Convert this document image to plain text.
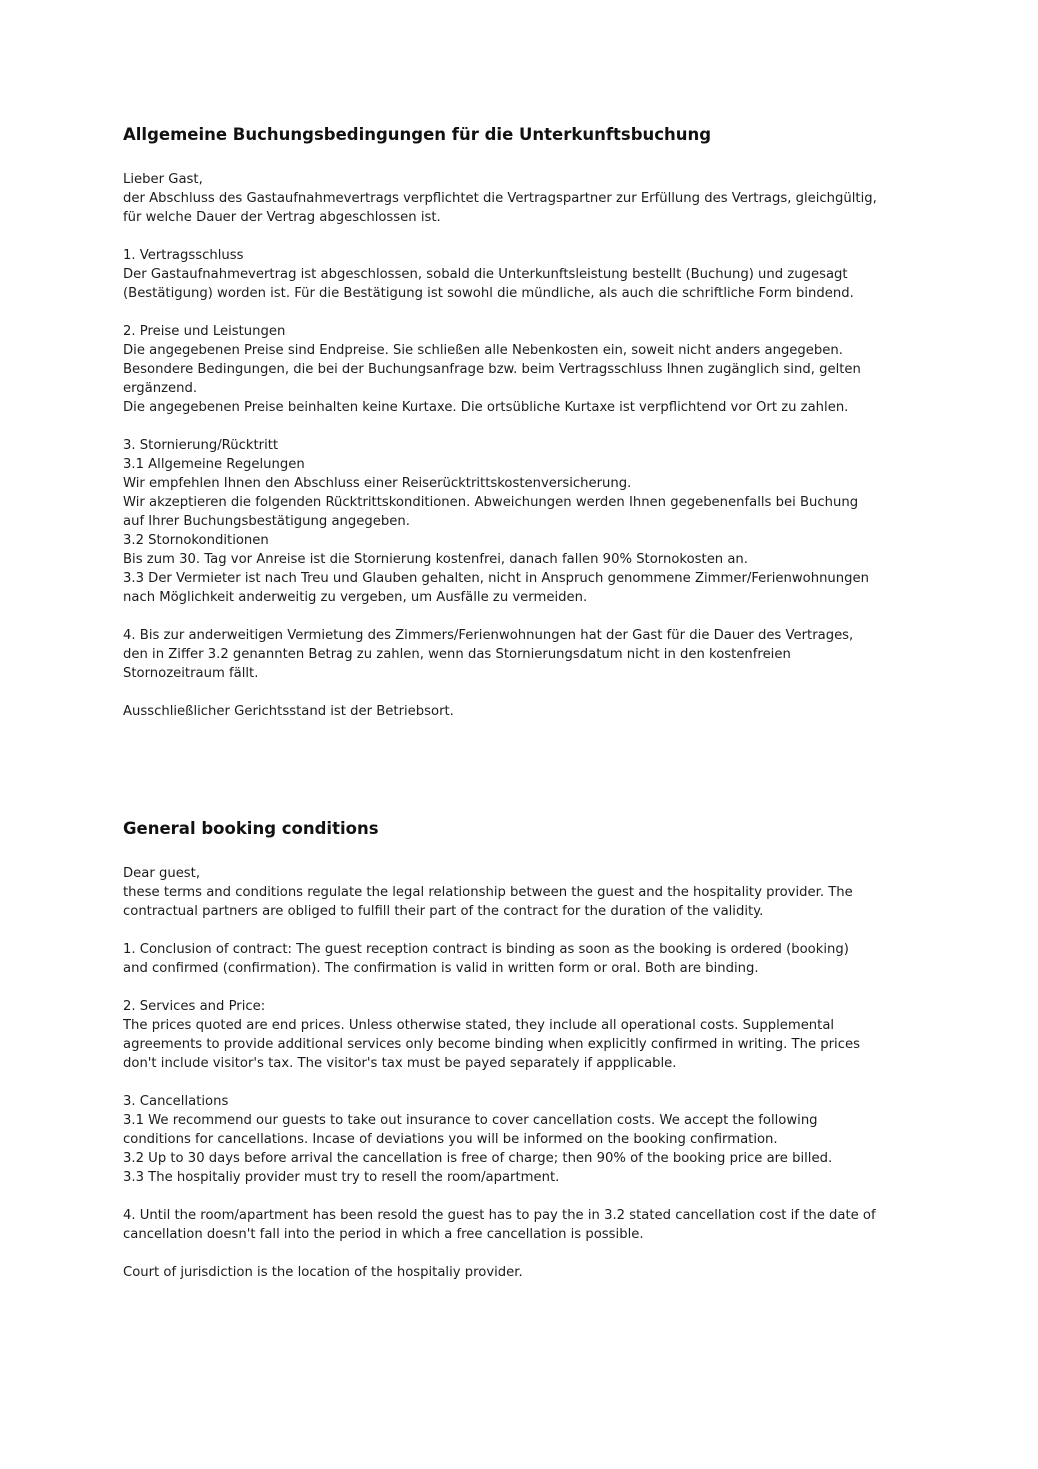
Allgemeine Buchungsbedingungen für die Unterkunftsbuchung

Lieber Gast,

der Abschluss des Gastaufnahmevertrags verpflichtet die Vertragspartner zur Erfüllung des Vertrags, gleichgültig,

für welche Dauer der Vertrag abgeschlossen ist.

1. Vertragsschluss

Der Gastaufnahmevertrag ist abgeschlossen, sobald die Unterkunftsleistung bestellt (Buchung) und zugesagt

(Bestätigung) worden ist. Für die Bestätigung ist sowohl die mündliche, als auch die schriftliche Form bindend.

2. Preise und Leistungen

Die angegebenen Preise sind Endpreise. Sie schließen alle Nebenkosten ein, soweit nicht anders angegeben.

Besondere Bedingungen, die bei der Buchungsanfrage bzw. beim Vertragsschluss Ihnen zugänglich sind, gelten

ergänzend.

Die angegebenen Preise beinhalten keine Kurtaxe. Die ortsübliche Kurtaxe ist verpflichtend vor Ort zu zahlen.

3. Stornierung/Rücktritt

3.1 Allgemeine Regelungen

Wir empfehlen Ihnen den Abschluss einer Reiserücktrittskostenversicherung.

Wir akzeptieren die folgenden Rücktrittskonditionen. Abweichungen werden Ihnen gegebenenfalls bei Buchung

auf Ihrer Buchungsbestätigung angegeben.

3.2 Stornokonditionen

Bis zum 30. Tag vor Anreise ist die Stornierung kostenfrei, danach fallen 90% Stornokosten an.

3.3 Der Vermieter ist nach Treu und Glauben gehalten, nicht in Anspruch genommene Zimmer/Ferienwohnungen

nach Möglichkeit anderweitig zu vergeben, um Ausfälle zu vermeiden.

4. Bis zur anderweitigen Vermietung des Zimmers/Ferienwohnungen hat der Gast für die Dauer des Vertrages,

den in Ziffer 3.2 genannten Betrag zu zahlen, wenn das Stornierungsdatum nicht in den kostenfreien

Stornozeitraum fällt.

Ausschließlicher Gerichtsstand ist der Betriebsort.

General booking conditions

Dear guest,

these terms and conditions regulate the legal relationship between the guest and the hospitality provider. The

contractual partners are obliged to fulfill their part of the contract for the duration of the validity.

1. Conclusion of contract: The guest reception contract is binding as soon as the booking is ordered (booking)

and confirmed (confirmation). The confirmation is valid in written form or oral. Both are binding.

2. Services and Price:

The prices quoted are end prices. Unless otherwise stated, they include all operational costs. Supplemental

agreements to provide additional services only become binding when explicitly confirmed in writing. The prices

don't include visitor's tax. The visitor's tax must be payed separately if appplicable.

3. Cancellations

3.1 We recommend our guests to take out insurance to cover cancellation costs. We accept the following

conditions for cancellations. Incase of deviations you will be informed on the booking confirmation.

3.2 Up to 30 days before arrival the cancellation is free of charge; then 90% of the booking price are billed.

3.3 The hospitaliy provider must try to resell the room/apartment.

4. Until the room/apartment has been resold the guest has to pay the in 3.2 stated cancellation cost if the date of

cancellation doesn't fall into the period in which a free cancellation is possible.

Court of jurisdiction is the location of the hospitaliy provider.
